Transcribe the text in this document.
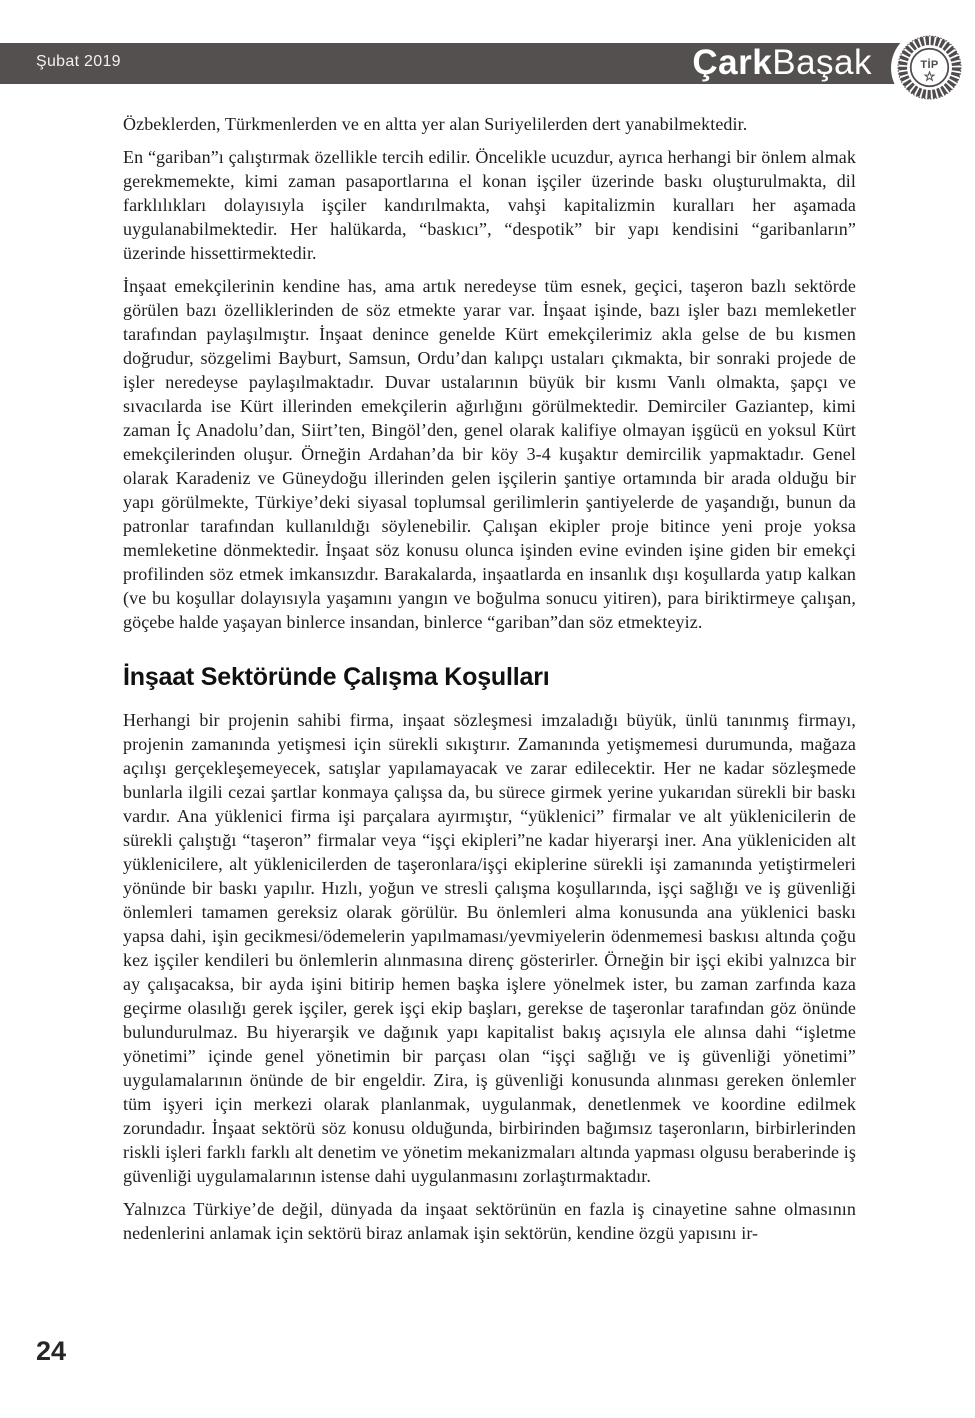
Şubat 2019	ÇarkBaşak	TİP

Özbeklerden, Türkmenlerden ve en altta yer alan Suriyelilerden dert yanabilmektedir.

En “gariban”ı çalıştırmak özellikle tercih edilir. Öncelikle ucuzdur, ayrıca herhangi bir önlem almak gerekmemekte, kimi zaman pasaportlarına el konan işçiler üzerinde baskı oluşturulmakta, dil farklılıkları dolayısıyla işçiler kandırılmakta, vahşi kapitalizmin kuralları her aşamada uygulanabilmektedir. Her halükarda, “baskıcı”, “despotik” bir yapı kendisini “garibanların” üzerinde hissettirmektedir.

İnşaat emekçilerinin kendine has, ama artık neredeyse tüm esnek, geçici, taşeron bazlı sektörde görülen bazı özelliklerinden de söz etmekte yarar var. İnşaat işinde, bazı işler bazı memleketler tarafından paylaşılmıştır. İnşaat denince genelde Kürt emekçilerimiz akla gelse de bu kısmen doğrudur, sözgelimi Bayburt, Samsun, Ordu’dan kalıpçı ustaları çıkmakta, bir sonraki projede de işler neredeyse paylaşılmaktadır. Duvar ustalarının büyük bir kısmı Vanlı olmakta, şapçı ve sıvacılarda ise Kürt illerinden emekçilerin ağırlığını görülmektedir. Demirciler Gaziantep, kimi zaman İç Anadolu’dan, Siirt’ten, Bingöl’den, genel olarak kalifiye olmayan işgücü en yoksul Kürt emekçilerinden oluşur. Örneğin Ardahan’da bir köy 3-4 kuşaktır demircilik yapmaktadır. Genel olarak Karadeniz ve Güneydoğu illerinden gelen işçilerin şantiye ortamında bir arada olduğu bir yapı görülmekte, Türkiye’deki siyasal toplumsal gerilimlerin şantiyelerde de yaşandığı, bunun da patronlar tarafından kullanıldığı söylenebilir. Çalışan ekipler proje bitince yeni proje yoksa memleketine dönmektedir. İnşaat söz konusu olunca işinden evine evinden işine giden bir emekçi profilinden söz etmek imkansızdır. Barakalarda, inşaatlarda en insanlık dışı koşullarda yatıp kalkan (ve bu koşullar dolayısıyla yaşamını yangın ve boğulma sonucu yitiren), para biriktirmeye çalışan, göçebe halde yaşayan binlerce insandan, binlerce “gariban”dan söz etmekteyiz.

İnşaat Sektöründe Çalışma Koşulları

Herhangi bir projenin sahibi firma, inşaat sözleşmesi imzaladığı büyük, ünlü tanınmış firmayı, projenin zamanında yetişmesi için sürekli sıkıştırır. Zamanında yetişmemesi durumunda, mağaza açılışı gerçekleşemeyecek, satışlar yapılamayacak ve zarar edilecektir. Her ne kadar sözleşmede bunlarla ilgili cezai şartlar konmaya çalışsa da, bu sürece girmek yerine yukarıdan sürekli bir baskı vardır. Ana yüklenici firma işi parçalara ayırmıştır, “yüklenici” firmalar ve alt yüklenicilerin de sürekli çalıştığı “taşeron” firmalar veya “işçi ekipleri”ne kadar hiyerarşi iner. Ana yükleniciden alt yüklenicilere, alt yüklenicilerden de taşeronlara/işçi ekiplerine sürekli işi zamanında yetiştirmeleri yönünde bir baskı yapılır. Hızlı, yoğun ve stresli çalışma koşullarında, işçi sağlığı ve iş güvenliği önlemleri tamamen gereksiz olarak görülür. Bu önlemleri alma konusunda ana yüklenici baskı yapsa dahi, işin gecikmesi/ödemelerin yapılmaması/yevmiyelerin ödenmemesi baskısı altında çoğu kez işçiler kendileri bu önlemlerin alınmasına direnç gösterirler. Örneğin bir işçi ekibi yalnızca bir ay çalışacaksa, bir ayda işini bitirip hemen başka işlere yönelmek ister, bu zaman zarfında kaza geçirme olasılığı gerek işçiler, gerek işçi ekip başları, gerekse de taşeronlar tarafından göz önünde bulundurulmaz. Bu hiyerarşik ve dağınık yapı kapitalist bakış açısıyla ele alınsa dahi “işletme yönetimi” içinde genel yönetimin bir parçası olan “işçi sağlığı ve iş güvenliği yönetimi” uygulamalarının önünde de bir engeldir. Zira, iş güvenliği konusunda alınması gereken önlemler tüm işyeri için merkezi olarak planlanmak, uygulanmak, denetlenmek ve koordine edilmek zorundadır. İnşaat sektörü söz konusu olduğunda, birbirinden bağımsız taşeronların, birbirlerinden riskli işleri farklı farklı alt denetim ve yönetim mekanizmaları altında yapması olgusu beraberinde iş güvenliği uygulamalarının istense dahi uygulanmasını zorlaştırmaktadır.

Yalnızca Türkiye’de değil, dünyada da inşaat sektörünün en fazla iş cinayetine sahne olmasının nedenlerini anlamak için sektörü biraz anlamak işin sektörün, kendine özgü yapısını ir-

24
